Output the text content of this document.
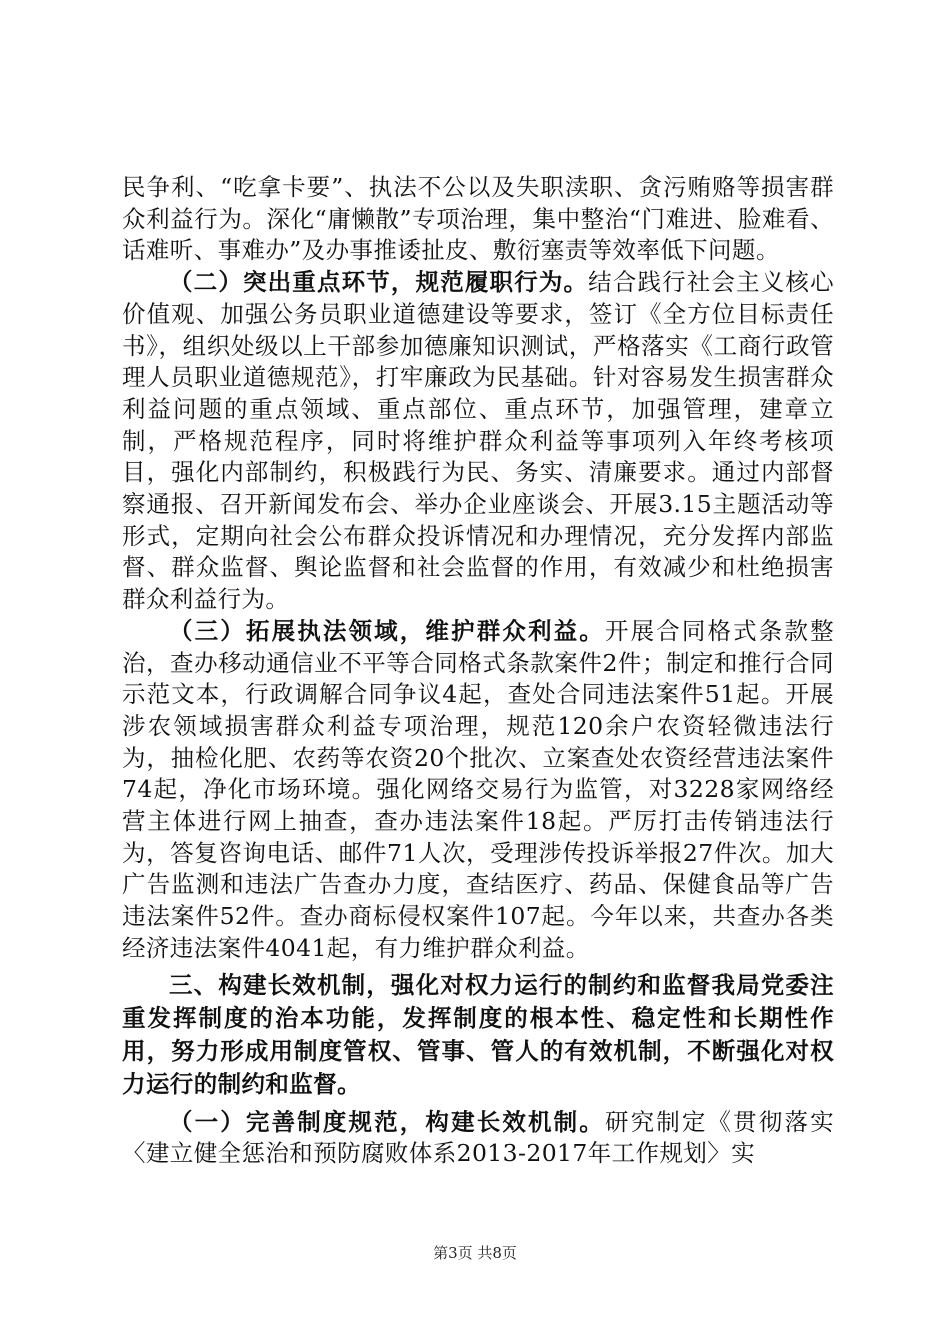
民争利、“吃拿卡要”、执法不公以及失职渎职、贪污贿赂等损害群众利益行为。深化“庸懒散”专项治理，集中整治“门难进、脸难看、话难听、事难办”及办事推诿扯皮、敷衍塞责等效率低下问题。

（二）突出重点环节，规范履职行为。结合践行社会主义核心价值观、加强公务员职业道德建设等要求，签订《全方位目标责任书》，组织处级以上干部参加德廉知识测试，严格落实《工商行政管理人员职业道德规范》，打牢廉政为民基础。针对容易发生损害群众利益问题的重点领域、重点部位、重点环节，加强管理，建章立制，严格规范程序，同时将维护群众利益等事项列入年终考核项目，强化内部制约，积极践行为民、务实、清廉要求。通过内部督察通报、召开新闻发布会、举办企业座谈会、开展3.15主题活动等形式，定期向社会公布群众投诉情况和办理情况，充分发挥内部监督、群众监督、舆论监督和社会监督的作用，有效减少和杜绝损害群众利益行为。

（三）拓展执法领域，维护群众利益。开展合同格式条款整治，查办移动通信业不平等合同格式条款案件2件；制定和推行合同示范文本，行政调解合同争议4起，查处合同违法案件51起。开展涉农领域损害群众利益专项治理，规范120余户农资轻微违法行为，抽检化肥、农药等农资20个批次、立案查处农资经营违法案件74起，净化市场环境。强化网络交易行为监管，对3228家网络经营主体进行网上抽查，查办违法案件18起。严厉打击传销违法行为，答复咨询电话、邮件71人次，受理涉传投诉举报27件次。加大广告监测和违法广告查办力度，查结医疗、药品、保健食品等广告违法案件52件。查办商标侵权案件107起。今年以来，共查办各类经济违法案件4041起，有力维护群众利益。

三、构建长效机制，强化对权力运行的制约和监督我局党委注重发挥制度的治本功能，发挥制度的根本性、稳定性和长期性作用，努力形成用制度管权、管事、管人的有效机制，不断强化对权力运行的制约和监督。

（一）完善制度规范，构建长效机制。研究制定《贯彻落实〈建立健全惩治和预防腐败体系2013-2017年工作规划〉实

第3页 共8页
